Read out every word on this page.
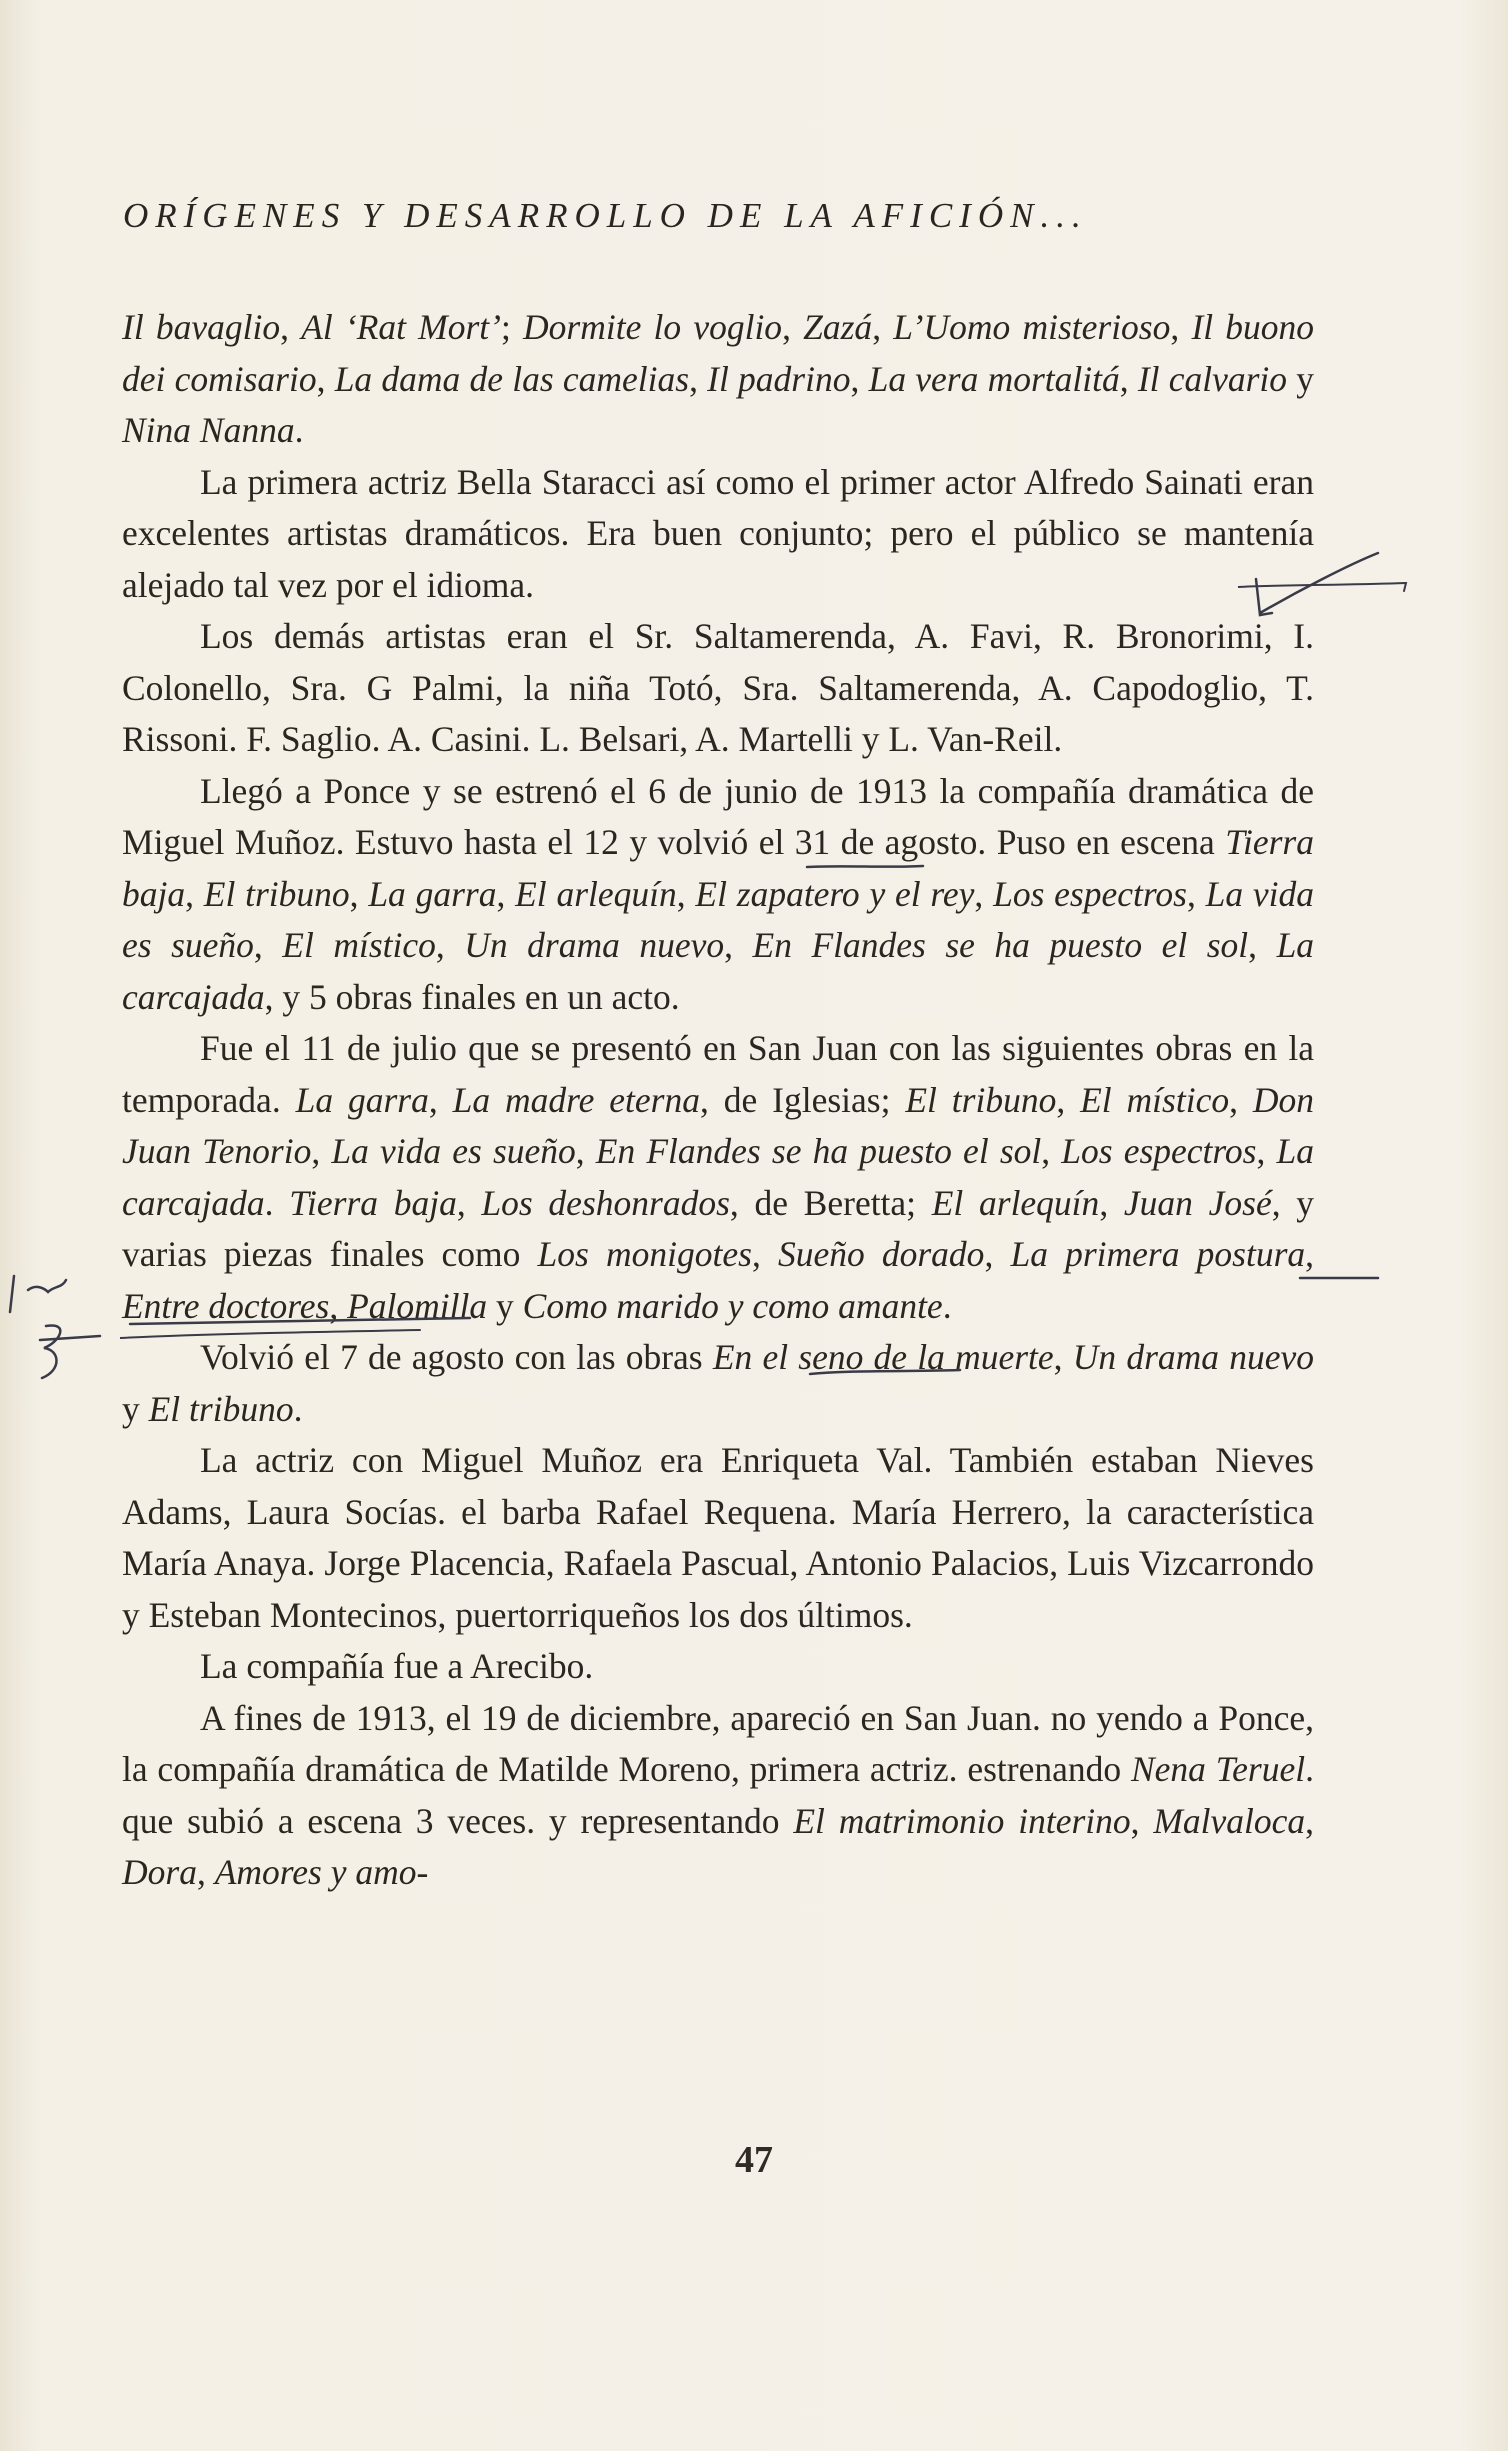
ORÍGENES Y DESARROLLO DE LA AFICIÓN...

Il bavaglio, Al ‘Rat Mort’; Dormite lo voglio, Zazá, L’Uomo misterioso, Il buono dei comisario, La dama de las camelias, Il padrino, La vera mortalitá, Il calvario y Nina Nanna.

La primera actriz Bella Staracci así como el primer actor Alfredo Sainati eran excelentes artistas dramáticos. Era buen conjunto; pero el público se mantenía alejado tal vez por el idioma.

Los demás artistas eran el Sr. Saltamerenda, A. Favi, R. Bronorimi, I. Colonello, Sra. G Palmi, la niña Totó, Sra. Saltamerenda, A. Capodoglio, T. Rissoni. F. Saglio. A. Casini. L. Belsari, A. Martelli y L. Van-Reil.

Llegó a Ponce y se estrenó el 6 de junio de 1913 la compañía dramática de Miguel Muñoz. Estuvo hasta el 12 y volvió el 31 de agosto. Puso en escena Tierra baja, El tribuno, La garra, El arlequín, El zapatero y el rey, Los espectros, La vida es sueño, El místico, Un drama nuevo, En Flandes se ha puesto el sol, La carcajada, y 5 obras finales en un acto.

Fue el 11 de julio que se presentó en San Juan con las siguientes obras en la temporada. La garra, La madre eterna, de Iglesias; El tribuno, El místico, Don Juan Tenorio, La vida es sueño, En Flandes se ha puesto el sol, Los espectros, La carcajada. Tierra baja, Los deshonrados, de Beretta; El arlequín, Juan José, y varias piezas finales como Los monigotes, Sueño dorado, La primera postura, Entre doctores, Palomilla y Como marido y como amante.

Volvió el 7 de agosto con las obras En el seno de la muerte, Un drama nuevo y El tribuno.

La actriz con Miguel Muñoz era Enriqueta Val. También estaban Nieves Adams, Laura Socías. el barba Rafael Requena. María Herrero, la característica María Anaya. Jorge Placencia, Rafaela Pascual, Antonio Palacios, Luis Vizcarrondo y Esteban Montecinos, puertorriqueños los dos últimos.

La compañía fue a Arecibo.

A fines de 1913, el 19 de diciembre, apareció en San Juan. no yendo a Ponce, la compañía dramática de Matilde Moreno, primera actriz. estrenando Nena Teruel. que subió a escena 3 veces. y representando El matrimonio interino, Malvaloca, Dora, Amores y amo-

47
